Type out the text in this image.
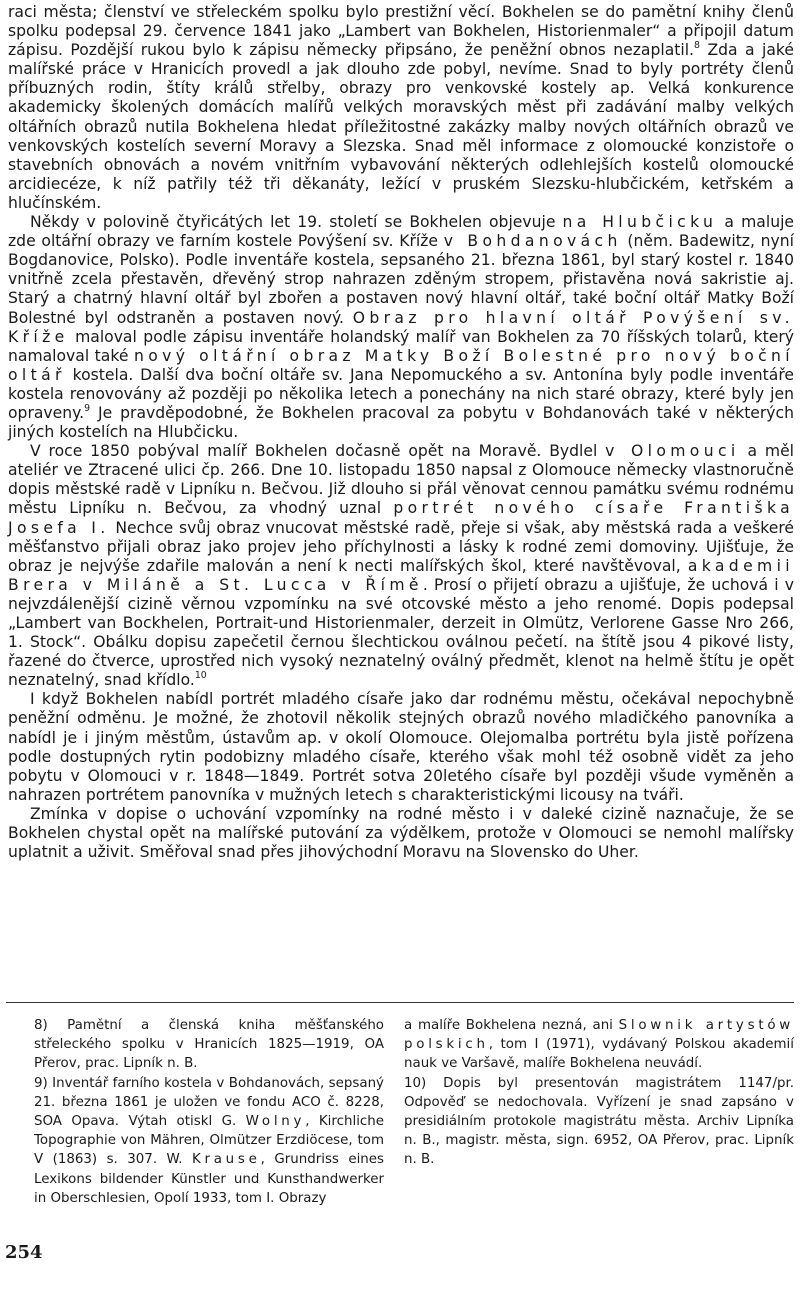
raci města; členství ve střeleckém spolku bylo prestižní věcí. Bokhelen se do pamětní knihy členů spolku podepsal 29. července 1841 jako „Lambert van Bokhelen, Historienmaler“ a připojil datum zápisu. Pozdější rukou bylo k zápisu německy připsáno, že peněžní obnos nezaplatil.$^8$ Zda a jaké malířské práce v Hranicích provedl a jak dlouho zde pobyl, nevíme. Snad to byly portréty členů příbuzných rodin, štíty králů střelby, obrazy pro venkovské kostely ap. Velká konkurence akademicky školených domácích malířů velkých moravských měst při zadávání malby velkých oltářních obrazů nutila Bokhelena hledat příležitostné zakázky malby nových oltářních obrazů ve venkovských kostelích severní Moravy a Slezska. Snad měl informace z olomoucké konzistoře o stavebních obnovách a novém vnitřním vybavování některých odlehlejších kostelů olomoucké arcidiecéze, k níž patřily též tři děkanáty, ležící v pruském Slezsku-hlubčickém, ketřském a hlučínském.

Někdy v polovině čtyřicátých let 19. století se Bokhelen objevuje na Hlubčicku a maluje zde oltářní obrazy ve farním kostele Povýšení sv. Kříže v Bohdanovách (něm. Badewitz, nyní Bogdanovice, Polsko). Podle inventáře kostela, sepsaného 21. března 1861, byl starý kostel r. 1840 vnitřně zcela přestavěn, dřevěný strop nahrazen zděným stropem, přistavěna nová sakristie aj. Starý a chatrný hlavní oltář byl zbořen a postaven nový hlavní oltář, také boční oltář Matky Boží Bolestné byl odstraněn a postaven nový. Obraz pro hlavní oltář Povýšení sv. Kříže maloval podle zápisu inventáře holandský malíř van Bokhelen za 70 říšských tolarů, který namaloval také nový oltářní obraz Matky Boží Bolestné pro nový boční oltář kostela. Další dva boční oltáře sv. Jana Nepomuckého a sv. Antonína byly podle inventáře kostela renovovány až později po několika letech a ponechány na nich staré obrazy, které byly jen opraveny.$^9$ Je pravděpodobné, že Bokhelen pracoval za pobytu v Bohdanovách také v některých jiných kostelích na Hlubčicku.

V roce 1850 pobýval malíř Bokhelen dočasně opět na Moravě. Bydlel v Olomouci a měl ateliér ve Ztracené ulici čp. 266. Dne 10. listopadu 1850 napsal z Olomouce německy vlastnoručně dopis městské radě v Lipníku n. Bečvou. Již dlouho si přál věnovat cennou památku svému rodnému městu Lipníku n. Bečvou, za vhodný uznal portrét nového císaře Františka Josefa I. Nechce svůj obraz vnucovat městské radě, přeje si však, aby městská rada a veškeré měšťanstvo přijali obraz jako projev jeho příchylnosti a lásky k rodné zemi domoviny. Ujišťuje, že obraz je nejvýše zdařile malován a není k necti malířských škol, které navštěvoval, akademii Brera v Miláně a St. Lucca v Římě. Prosí o přijetí obrazu a ujišťuje, že uchová i v nejvzdálenější cizině věrnou vzpomínku na své otcovské město a jeho renomé. Dopis podepsal „Lambert van Bockhelen, Portrait-und Historienmaler, derzeit in Olmütz, Verlorene Gasse Nro 266, 1. Stock“. Obálku dopisu zapečetil černou šlechtickou oválnou pečetí. na štítě jsou 4 pikové listy, řazené do čtverce, uprostřed nich vysoký neznatelný oválný předmět, klenot na helmě štítu je opět neznatelný, snad křídlo.$^{10}$

I když Bokhelen nabídl portrét mladého císaře jako dar rodnému městu, očekával nepochybně peněžní odměnu. Je možné, že zhotovil několik stejných obrazů nového mladičkého panovníka a nabídl je i jiným městům, ústavům ap. v okolí Olomouce. Olejomalba portrétu byla jistě pořízena podle dostupných rytin podobizny mladého císaře, kterého však mohl též osobně vidět za jeho pobytu v Olomouci v r. 1848—1849. Portrét sotva 20letého císaře byl později všude vyměněn a nahrazen portrétem panovníka v mužných letech s charakteristickými licousy na tváři.

Zmínka v dopise o uchování vzpomínky na rodné město i v daleké cizině naznačuje, že se Bokhelen chystal opět na malířské putování za výdělkem, protože v Olomouci se nemohl malířsky uplatnit a uživit. Směřoval snad přes jihovýchodní Moravu na Slovensko do Uher.

8) Pamětní a členská kniha měšťanského střeleckého spolku v Hranicích 1825—1919, OA Přerov, prac. Lipník n. B.

9) Inventář farního kostela v Bohdanovách, sepsaný 21. března 1861 je uložen ve fondu ACO č. 8228, SOA Opava. Výtah otiskl G. Wolny, Kirchliche Topographie von Mähren, Olmützer Erzdiöcese, tom V (1863) s. 307. W. Krause, Grundriss eines Lexikons bildender Künstler und Kunsthandwerker in Oberschlesien, Opolí 1933, tom I. Obrazy

a malíře Bokhelena nezná, ani Slownik artystów polskich, tom I (1971), vydávaný Polskou akademií nauk ve Varšavě, malíře Bokhelena neuvádí.

10) Dopis byl presentován magistrátem 1147/pr. Odpověď se nedochovala. Vyřízení je snad zapsáno v presidiálním protokole magistrátu města. Archiv Lipníka n. B., magistr. města, sign. 6952, OA Přerov, prac. Lipník n. B.

254
